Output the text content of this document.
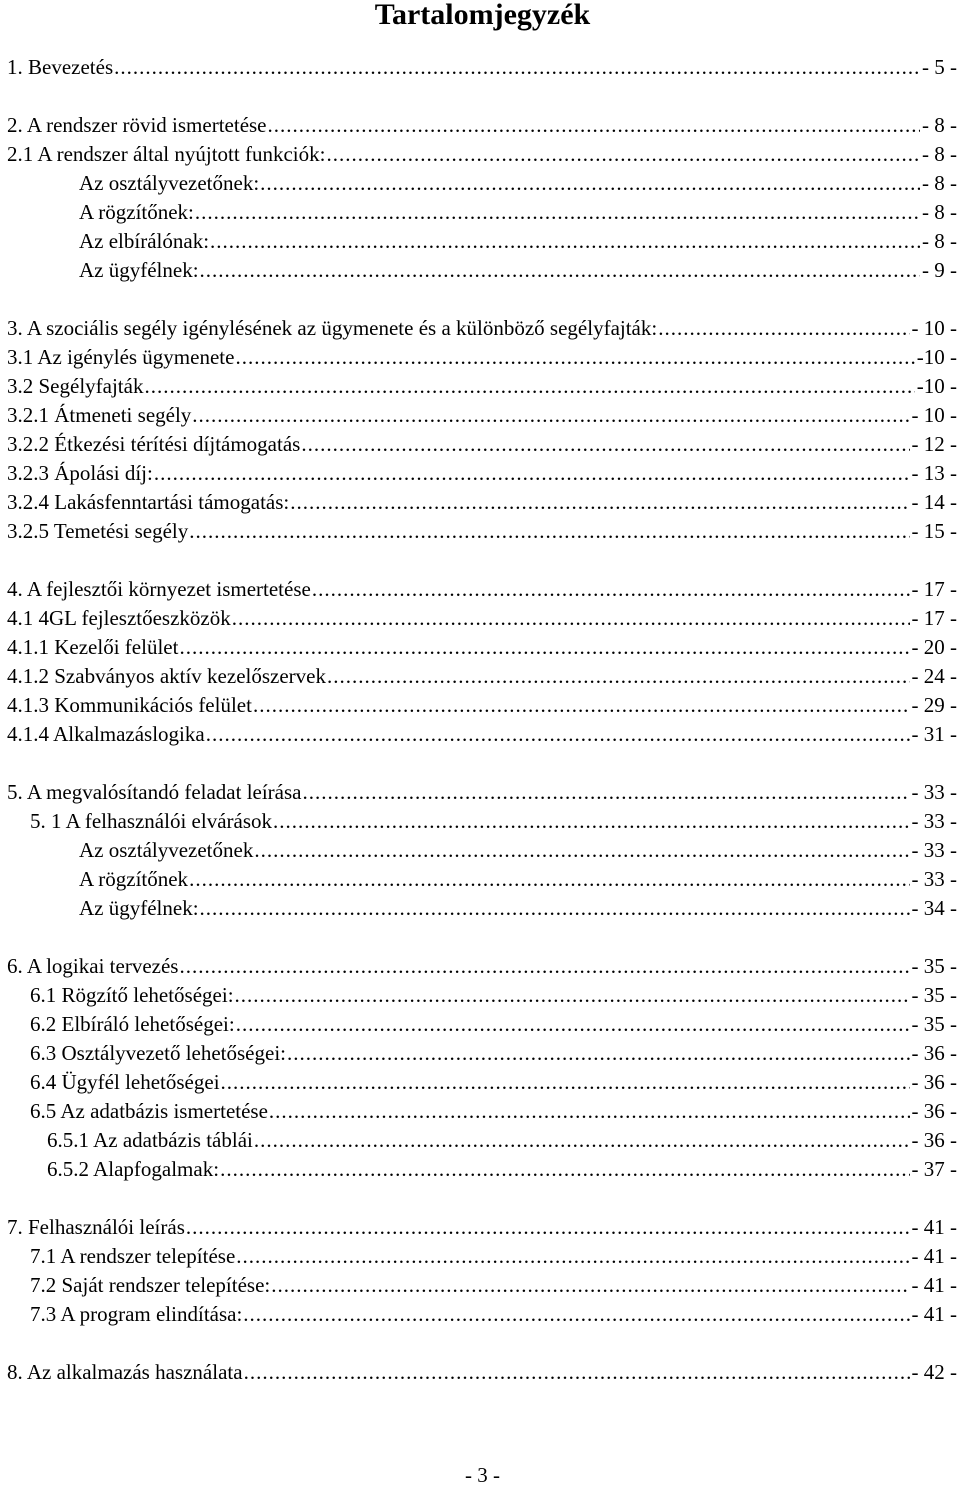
Tartalomjegyzék
1. Bevezetés .....	- 5 -
2. A rendszer rövid ismertetése .....	- 8 -
2.1 A rendszer által nyújtott funkciók: .....	- 8 -
Az osztályvezetőnek: .....	- 8 -
A rögzítőnek: .....	- 8 -
Az elbírálónak: .....	- 8 -
Az ügyfélnek: .....	- 9 -
3. A szociális segély igénylésének az ügymenete és a különböző segélyfajták: .....	- 10 -
3.1 Az igénylés ügymenete .....	-10 -
3.2 Segélyfajták .....	-10 -
3.2.1 Átmeneti segély .....	- 10 -
3.2.2 Étkezési térítési díjtámogatás .....	- 12 -
3.2.3 Ápolási díj: .....	- 13 -
3.2.4 Lakásfenntartási támogatás: .....	- 14 -
3.2.5 Temetési segély .....	- 15 -
4. A fejlesztői környezet ismertetése .....	- 17 -
4.1 4GL fejlesztőeszközök .....	- 17 -
4.1.1 Kezelői felület .....	- 20 -
4.1.2 Szabványos aktív kezelőszervek .....	- 24 -
4.1.3 Kommunikációs felület .....	- 29 -
4.1.4 Alkalmazáslogika .....	- 31 -
5. A megvalósítandó feladat leírása .....	- 33 -
5. 1 A felhasználói elvárások .....	- 33 -
Az osztályvezetőnek .....	- 33 -
A rögzítőnek .....	- 33 -
Az ügyfélnek: .....	- 34 -
6. A logikai tervezés .....	- 35 -
6.1 Rögzítő lehetőségei: .....	- 35 -
6.2 Elbíráló lehetőségei: .....	- 35 -
6.3 Osztályvezető lehetőségei: .....	- 36 -
6.4 Ügyfél lehetőségei .....	- 36 -
6.5 Az adatbázis ismertetése .....	- 36 -
6.5.1 Az adatbázis táblái .....	- 36 -
6.5.2 Alapfogalmak: .....	- 37 -
7. Felhasználói leírás .....	- 41 -
7.1 A rendszer telepítése .....	- 41 -
7.2 Saját rendszer telepítése: .....	- 41 -
7.3 A program elindítása: .....	- 41 -
8. Az alkalmazás használata .....	- 42 -
- 3 -
